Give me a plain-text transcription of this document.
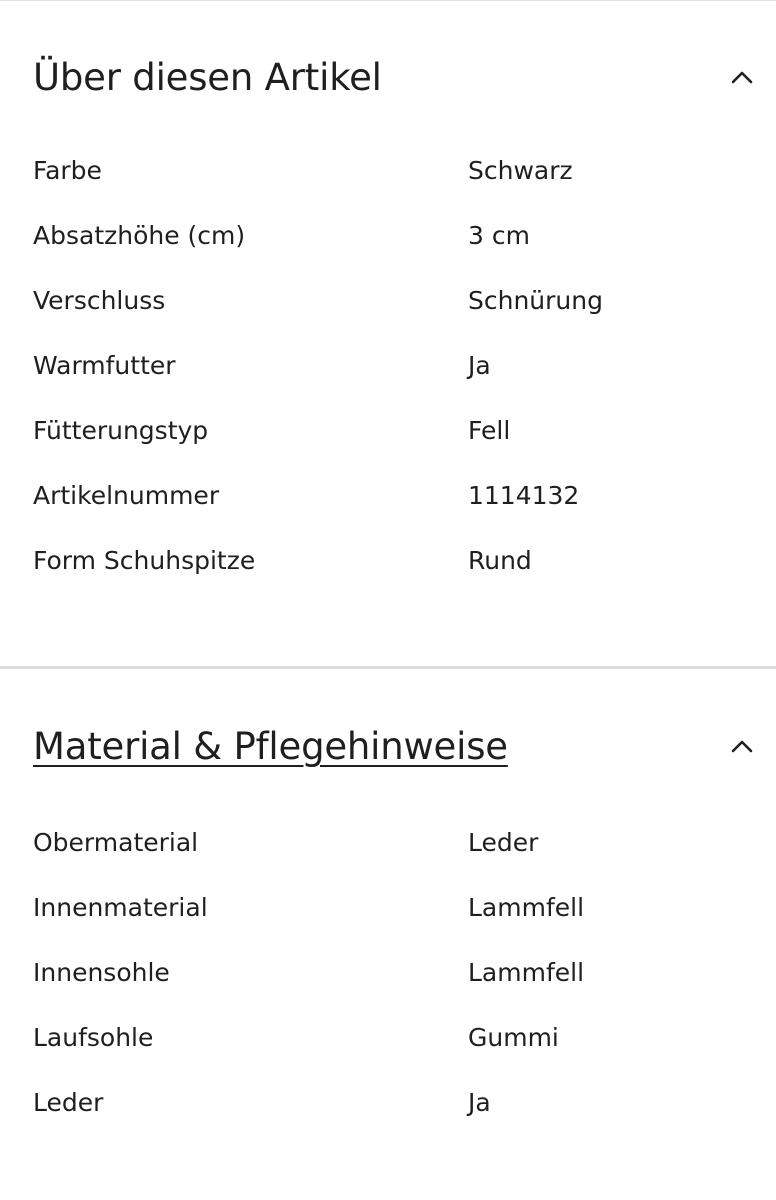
Über diesen Artikel
Farbe	Schwarz
Absatzhöhe (cm)	3 cm
Verschluss	Schnürung
Warmfutter	Ja
Fütterungstyp	Fell
Artikelnummer	1114132
Form Schuhspitze	Rund
Material & Pflegehinweise
Obermaterial	Leder
Innenmaterial	Lammfell
Innensohle	Lammfell
Laufsohle	Gummi
Leder	Ja
